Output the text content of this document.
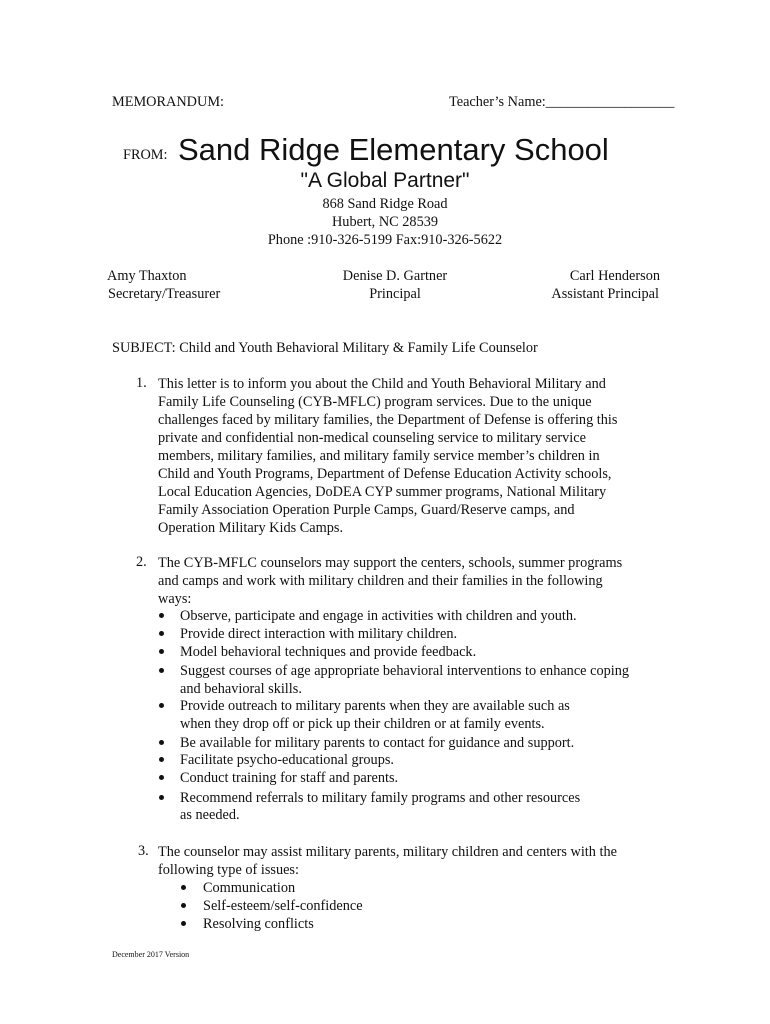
MEMORANDUM:	Teacher’s Name:__________________
FROM: Sand Ridge Elementary School
"A Global Partner"
868 Sand Ridge Road
Hubert, NC 28539
Phone :910-326-5199 Fax:910-326-5622
Amy Thaxton
Secretary/Treasurer
Denise D. Gartner
Principal
Carl Henderson
Assistant Principal
SUBJECT: Child and Youth Behavioral Military & Family Life Counselor
1. This letter is to inform you about the Child and Youth Behavioral Military and
Family Life Counseling (CYB-MFLC) program services. Due to the unique
challenges faced by military families, the Department of Defense is offering this
private and confidential non-medical counseling service to military service
members, military families, and military family service member’s children in
Child and Youth Programs, Department of Defense Education Activity schools,
Local Education Agencies, DoDEA CYP summer programs, National Military
Family Association Operation Purple Camps, Guard/Reserve camps, and
Operation Military Kids Camps.
2. The CYB-MFLC counselors may support the centers, schools, summer programs
and camps and work with military children and their families in the following
ways:
Observe, participate and engage in activities with children and youth.
Provide direct interaction with military children.
Model behavioral techniques and provide feedback.
Suggest courses of age appropriate behavioral interventions to enhance coping
and behavioral skills.
Provide outreach to military parents when they are available such as
when they drop off or pick up their children or at family events.
Be available for military parents to contact for guidance and support.
Facilitate psycho-educational groups.
Conduct training for staff and parents.
Recommend referrals to military family programs and other resources
as needed.
3. The counselor may assist military parents, military children and centers with the
following type of issues:
Communication
Self-esteem/self-confidence
Resolving conflicts
December 2017 Version
